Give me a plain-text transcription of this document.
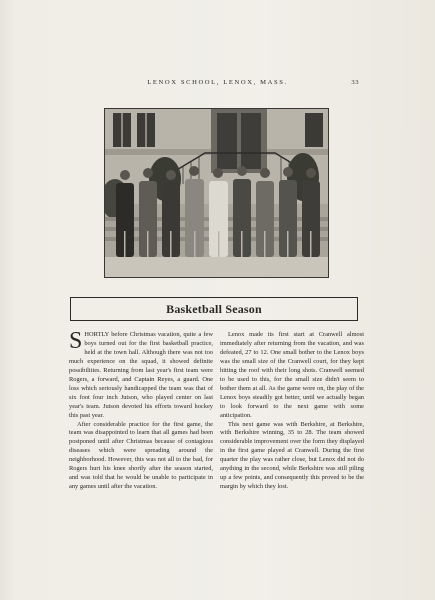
LENOX SCHOOL, LENOX, MASS.	33
Basketball Season

SHORTLY before Christmas vacation, quite a few boys turned out for the first basketball practice, held at the town hall. Although there was not too much experience on the squad, it showed definite possibilities. Returning from last year's first team were Rogers, a forward, and Captain Reyes, a guard. One loss which seriously handicapped the team was that of six foot four inch Jutson, who played center on last year's team. Jutson devoted his efforts toward hockey this past year.

After considerable practice for the first game, the team was disappointed to learn that all games had been postponed until after Christmas because of contagious diseases which were spreading around the neighborhood. However, this was not all to the bad, for Rogers hurt his knee shortly after the season started, and was told that he would be unable to participate in any games until after the vacation.

Lenox made its first start at Cranwell almost immediately after returning from the vacation, and was defeated, 27 to 12. One small bother to the Lenox boys was the small size of the Cranwell court, for they kept hitting the roof with their long shots. Cranwell seemed to be used to this, for the small size didn't seem to bother them at all. As the game wore on, the play of the Lenox boys steadily got better, until we actually began to look forward to the next game with some anticipation.

This next game was with Berkshire, at Berkshire, with Berkshire winning, 35 to 28. The team showed considerable improvement over the form they displayed in the first game played at Cranwell. During the first quarter the play was rather close, but Lenox did not do anything in the second, while Berkshire was still piling up a few points, and consequently this proved to be the margin by which they lost.
